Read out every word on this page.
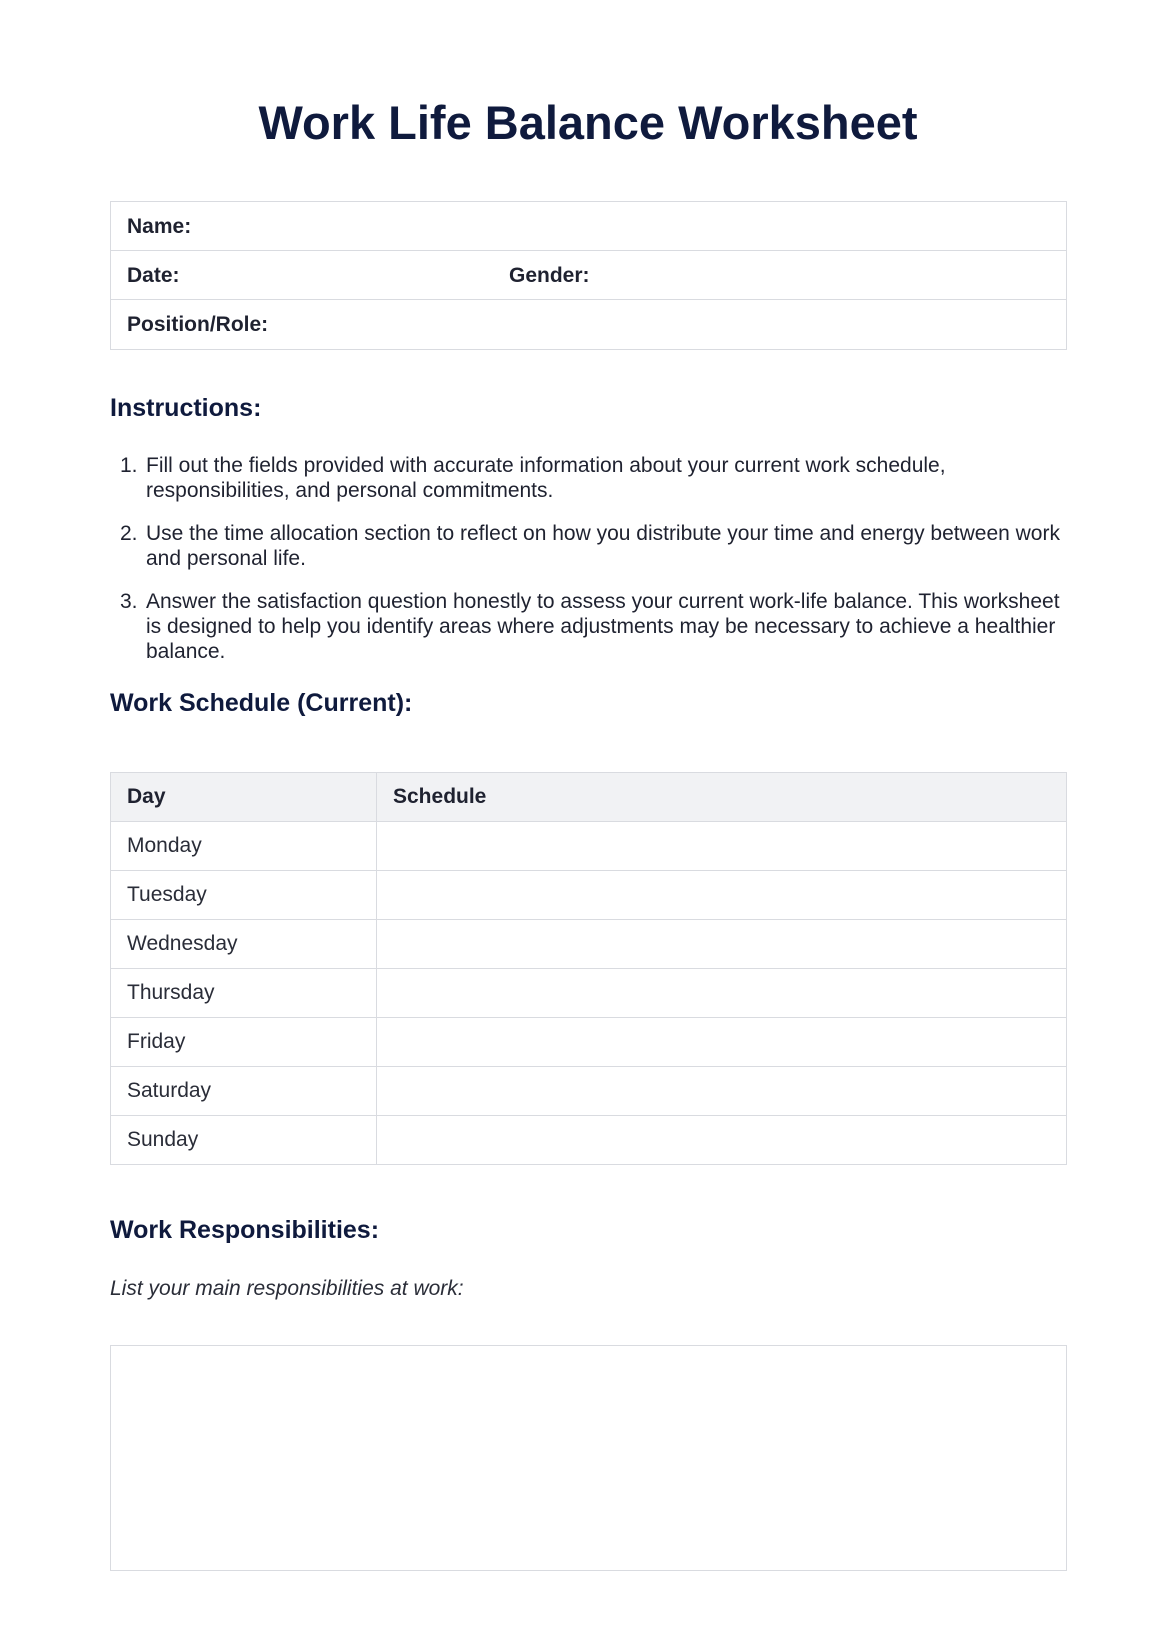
Work Life Balance Worksheet
Name:
Date:	Gender:
Position/Role:
Instructions:
1. Fill out the fields provided with accurate information about your current work schedule, responsibilities, and personal commitments.
2. Use the time allocation section to reflect on how you distribute your time and energy between work and personal life.
3. Answer the satisfaction question honestly to assess your current work-life balance. This worksheet is designed to help you identify areas where adjustments may be necessary to achieve a healthier balance.
Work Schedule (Current):
Day	Schedule
Monday	
Tuesday	
Wednesday	
Thursday	
Friday	
Saturday	
Sunday	
Work Responsibilities:

List your main responsibilities at work:
